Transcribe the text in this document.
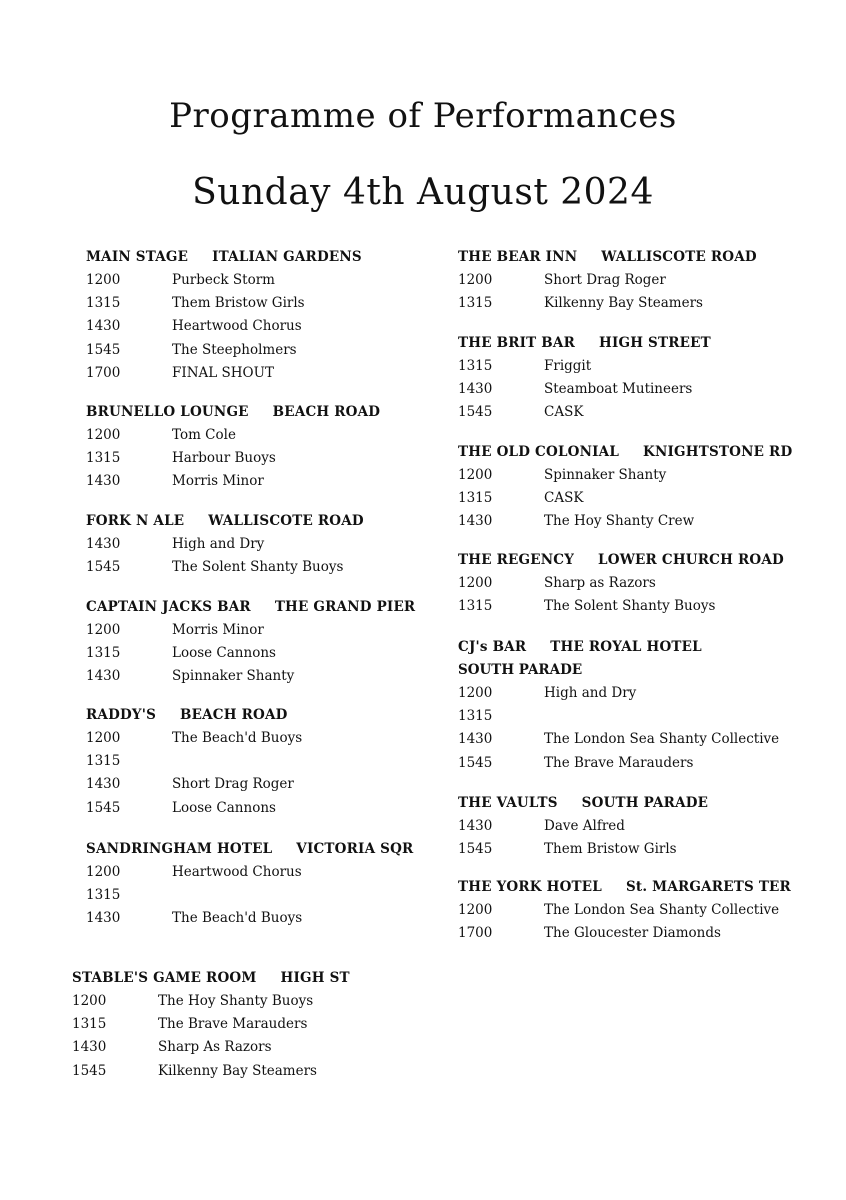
Programme of Performances
Sunday 4th August 2024
MAIN STAGE ITALIAN GARDENS
1200	Purbeck Storm
1315	Them Bristow Girls
1430	Heartwood Chorus
1545	The Steepholmers
1700	FINAL SHOUT
BRUNELLO LOUNGE BEACH ROAD
1200	Tom Cole
1315	Harbour Buoys
1430	Morris Minor
FORK N ALE WALLISCOTE ROAD
1430	High and Dry
1545	The Solent Shanty Buoys
CAPTAIN JACKS BAR THE GRAND PIER
1200	Morris Minor
1315	Loose Cannons
1430	Spinnaker Shanty
RADDY'S BEACH ROAD
1200	The Beach'd Buoys
1315
1430	Short Drag Roger
1545	Loose Cannons
SANDRINGHAM HOTEL VICTORIA SQR
1200	Heartwood Chorus
1315
1430	The Beach'd Buoys
STABLE'S GAME ROOM HIGH ST
1200	The Hoy Shanty Buoys
1315	The Brave Marauders
1430	Sharp As Razors
1545	Kilkenny Bay Steamers
THE BEAR INN WALLISCOTE ROAD
1200	Short Drag Roger
1315	Kilkenny Bay Steamers
THE BRIT BAR HIGH STREET
1315	Friggit
1430	Steamboat Mutineers
1545	CASK
THE OLD COLONIAL KNIGHTSTONE RD
1200	Spinnaker Shanty
1315	CASK
1430	The Hoy Shanty Crew
THE REGENCY LOWER CHURCH ROAD
1200	Sharp as Razors
1315	The Solent Shanty Buoys
CJ's BAR THE ROYAL HOTEL
SOUTH PARADE
1200	High and Dry
1315
1430	The London Sea Shanty Collective
1545	The Brave Marauders
THE VAULTS SOUTH PARADE
1430	Dave Alfred
1545	Them Bristow Girls
THE YORK HOTEL St. MARGARETS TER
1200	The London Sea Shanty Collective
1700	The Gloucester Diamonds
